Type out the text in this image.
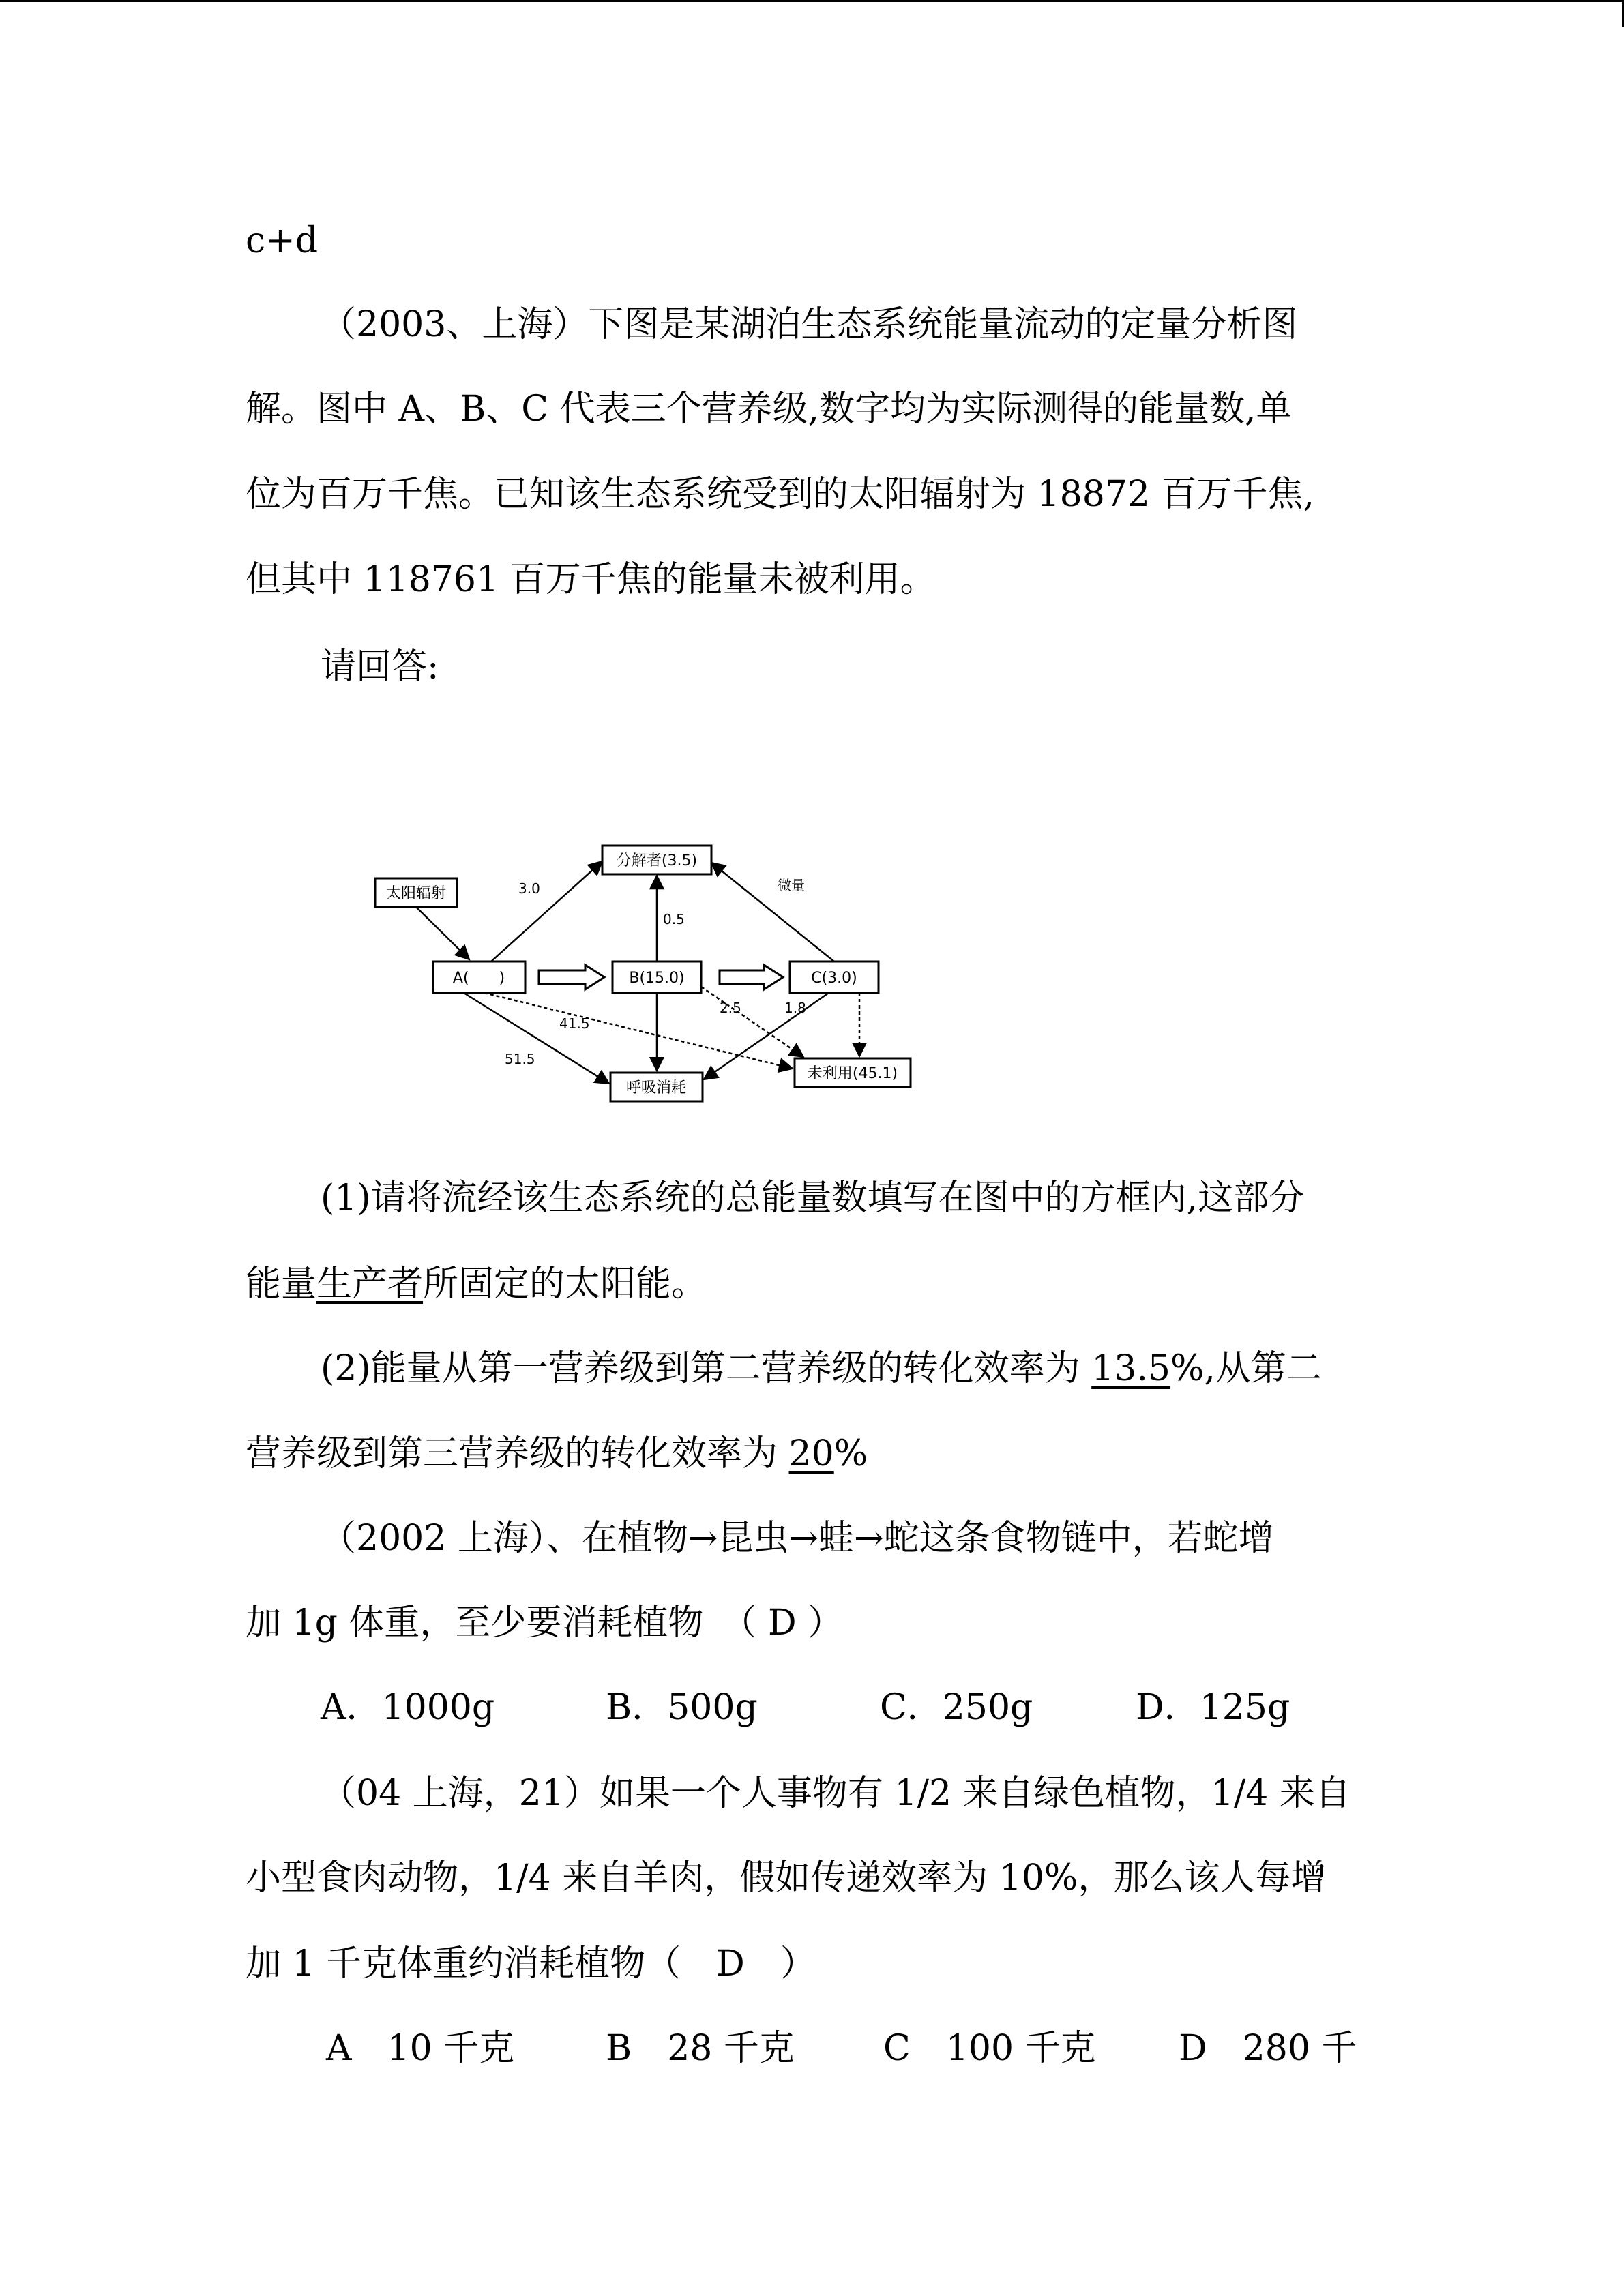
c+d

（2003、上海）下图是某湖泊生态系统能量流动的定量分析图

解。图中 A、B、C 代表三个营养级,数字均为实际测得的能量数,单

位为百万千焦。已知该生态系统受到的太阳辐射为 18872 百万千焦,

但其中 118761 百万千焦的能量未被利用。

请回答:

太阳辐射
分解者(3.5)
A(　　)	B(15.0)	C(3.0)
呼吸消耗
未利用(45.1)
3.0
0.5
微量
41.5
51.5
2.5	1.8

(1)请将流经该生态系统的总能量数填写在图中的方框内,这部分

能量生产者所固定的太阳能。

(2)能量从第一营养级到第二营养级的转化效率为 13.5%,从第二

营养级到第三营养级的转化效率为 20%

（2002 上海）、在植物→昆虫→蛙→蛇这条食物链中，若蛇增

加 1g 体重，至少要消耗植物　（ D ）

A．1000g	B．500g	C．250g	D．125g

（04 上海，21）如果一个人事物有 1/2 来自绿色植物，1/4 来自

小型食肉动物，1/4 来自羊肉，假如传递效率为 10%，那么该人每增

加 1 千克体重约消耗植物（　D　）

A　10 千克	B　28 千克	C　100 千克 D　280 千
